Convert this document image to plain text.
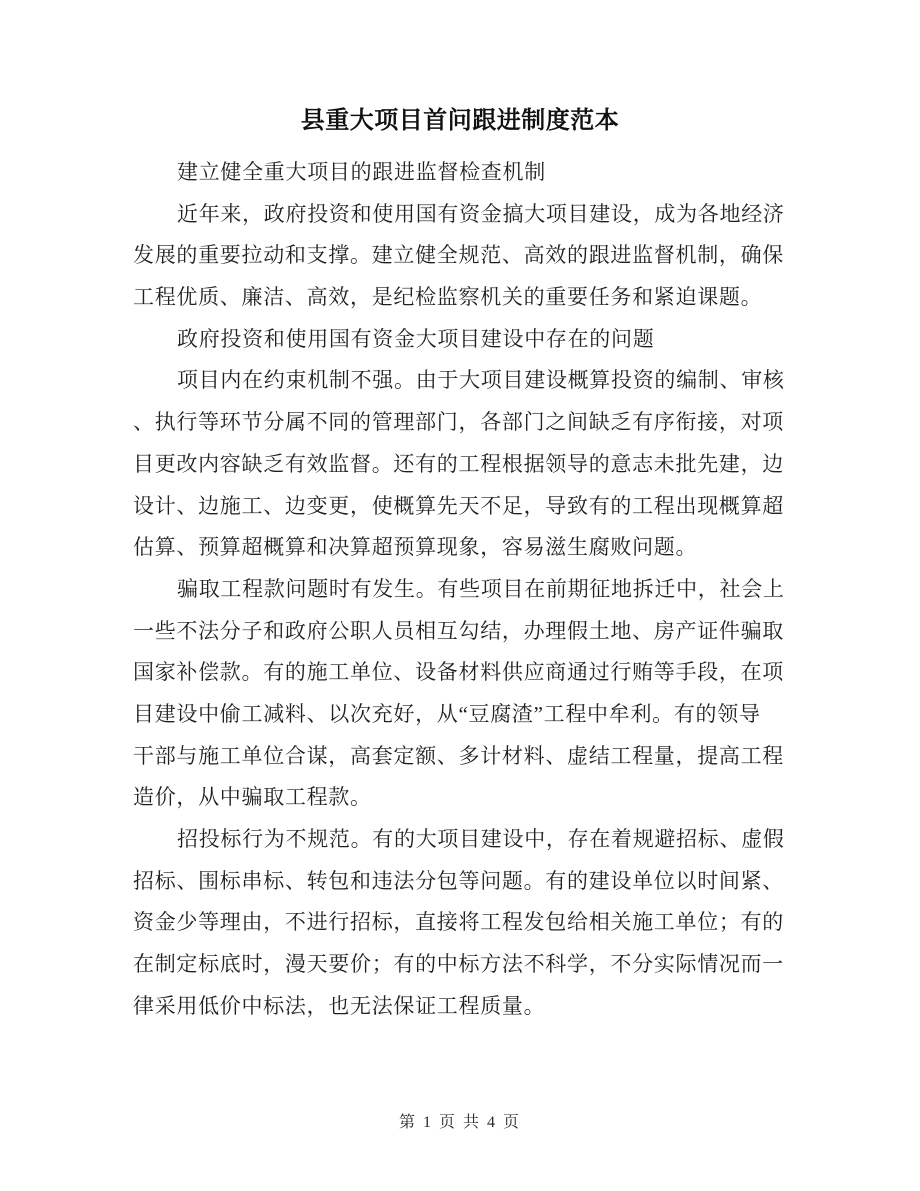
县重大项目首问跟进制度范本
建立健全重大项目的跟进监督检查机制
近年来，政府投资和使用国有资金搞大项目建设，成为各地经济
发展的重要拉动和支撑。建立健全规范、高效的跟进监督机制，确保
工程优质、廉洁、高效，是纪检监察机关的重要任务和紧迫课题。
政府投资和使用国有资金大项目建设中存在的问题
项目内在约束机制不强。由于大项目建设概算投资的编制、审核
、执行等环节分属不同的管理部门，各部门之间缺乏有序衔接，对项
目更改内容缺乏有效监督。还有的工程根据领导的意志未批先建，边
设计、边施工、边变更，使概算先天不足，导致有的工程出现概算超
估算、预算超概算和决算超预算现象，容易滋生腐败问题。
骗取工程款问题时有发生。有些项目在前期征地拆迁中，社会上
一些不法分子和政府公职人员相互勾结，办理假土地、房产证件骗取
国家补偿款。有的施工单位、设备材料供应商通过行贿等手段，在项
目建设中偷工减料、以次充好，从“豆腐渣”工程中牟利。有的领导
干部与施工单位合谋，高套定额、多计材料、虚结工程量，提高工程
造价，从中骗取工程款。
招投标行为不规范。有的大项目建设中，存在着规避招标、虚假
招标、围标串标、转包和违法分包等问题。有的建设单位以时间紧、
资金少等理由，不进行招标，直接将工程发包给相关施工单位；有的
在制定标底时，漫天要价；有的中标方法不科学，不分实际情况而一
律采用低价中标法，也无法保证工程质量。
第 1 页 共 4 页
